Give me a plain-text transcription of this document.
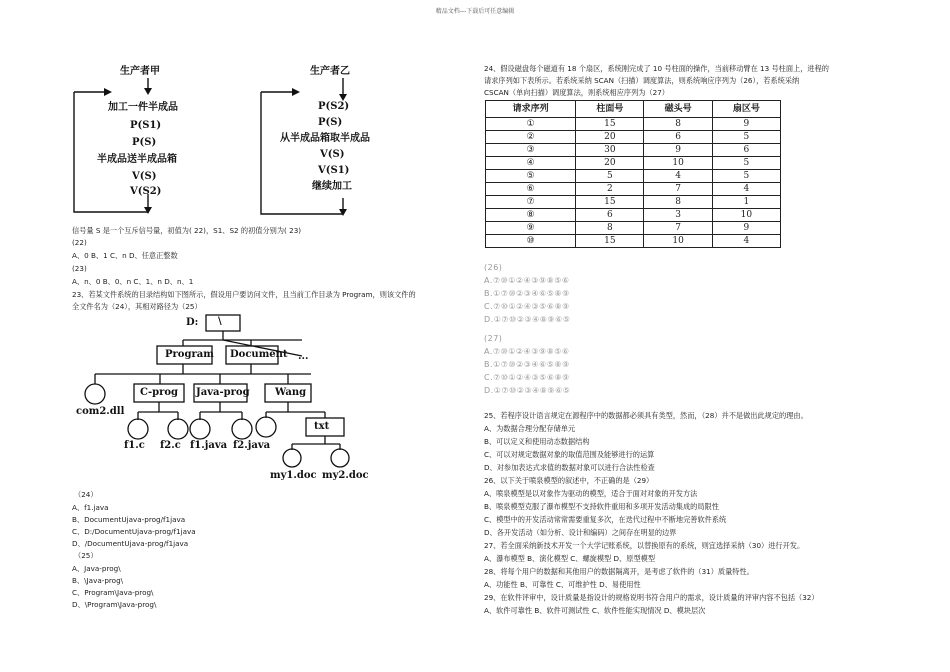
精品文档---下载后可任意编辑
生产者甲
加工一件半成品
P(S1)
P(S)
半成品送半成品箱
V(S)
V(S2)
生产者乙
P(S2)
P(S)
从半成品箱取半成品
V(S)
V(S1)
继续加工
信号量 S 是一个互斥信号量，初值为( 22)，S1、S2 的初值分别为( 23)
(22)
A、0 B、1 C、n D、任意正整数
(23)
A、n、0 B、0、n C、1、n D、n、1
23、若某文件系统的目录结构如下图所示，假设用户要访问文件，且当前工作目录为 Program，则该文件的
全文件名为（24），其相对路径为（25）
D: \
Program Document ...
C-prog Java-prog	Wang
txt
com2.dll
f1.c f2.c f1.java f2.java
my1.doc my2.doc
（24）
A、f1.java
B、DocumentUjava-prog/f1java
C、D:/DocumentUjava-prog/f1java
D、/DocumentUjava-prog/f1java
（25）
A、Java-prog\
B、\Java-prog\
C、Program\Java-prog\
D、\Program\Java-prog\
24、假设磁盘每个磁道有 18 个扇区，系统刚完成了 10 号柱面的操作，当前移动臂在 13 号柱面上，进程的
请求序列如下表所示。若系统采纳 SCAN（扫描）调度算法，则系统响应序列为（26），若系统采纳
CSCAN（单向扫描）调度算法，则系统相应序列为（27）
请求序列	柱面号	磁头号	扇区号
①	15	8	9
②	20	6	5
③	30	9	6
④	20	10	5
⑤	5	4	5
⑥	2	7	4
⑦	15	8	1
⑧	6	3	10
⑨	8	7	9
⑩	15	10	4
(26)
A.⑦⑩①②④③⑨⑧⑤⑥
B.①⑦⑩②③④⑥⑤⑧⑨
C.⑦⑩①②④③⑤⑥⑧⑨
D.①⑦⑩②③④⑧⑨⑥⑤
(27)
A.⑦⑩①②④③⑨⑧⑤⑥
B.①⑦⑩②③④⑥⑤⑧⑨
C.⑦⑩①②④③⑤⑥⑧⑨
D.①⑦⑩②③④⑧⑨⑥⑤
25、若程序设计语言规定在源程序中的数据都必须具有类型，然而，（28）并不是做出此规定的理由。
A、为数据合理分配存储单元
B、可以定义和使用动态数据结构
C、可以对规定数据对象的取值范围及能够进行的运算
D、对参加表达式求值的数据对象可以进行合法性检查
26、以下关于喷泉模型的叙述中，不正确的是（29）
A、喷泉模型是以对象作为驱动的模型，适合于面对对象的开发方法
B、喷泉模型克服了瀑布模型不支持软件重用和多项开发活动集成的局限性
C、模型中的开发活动常常需要重复多次，在迭代过程中不断地完善软件系统
D、各开发活动（如分析、设计和编码）之间存在明显的边界
27、若全面采纳新技术开发一个大学记账系统，以替换原有的系统，则宜选择采纳（30）进行开发。
A、瀑布模型 B、演化模型 C、螺旋模型 D、原型模型
28、将每个用户的数据和其他用户的数据隔离开，是考虑了软件的（31）质量特性。
A、功能性 B、可靠性 C、可维护性 D、易使用性
29、在软件评审中，设计质量是指设计的规格说明书符合用户的需求，设计质量的评审内容不包括（32）
A、软件可靠性 B、软件可测试性 C、软件性能实现情况 D、模块层次
